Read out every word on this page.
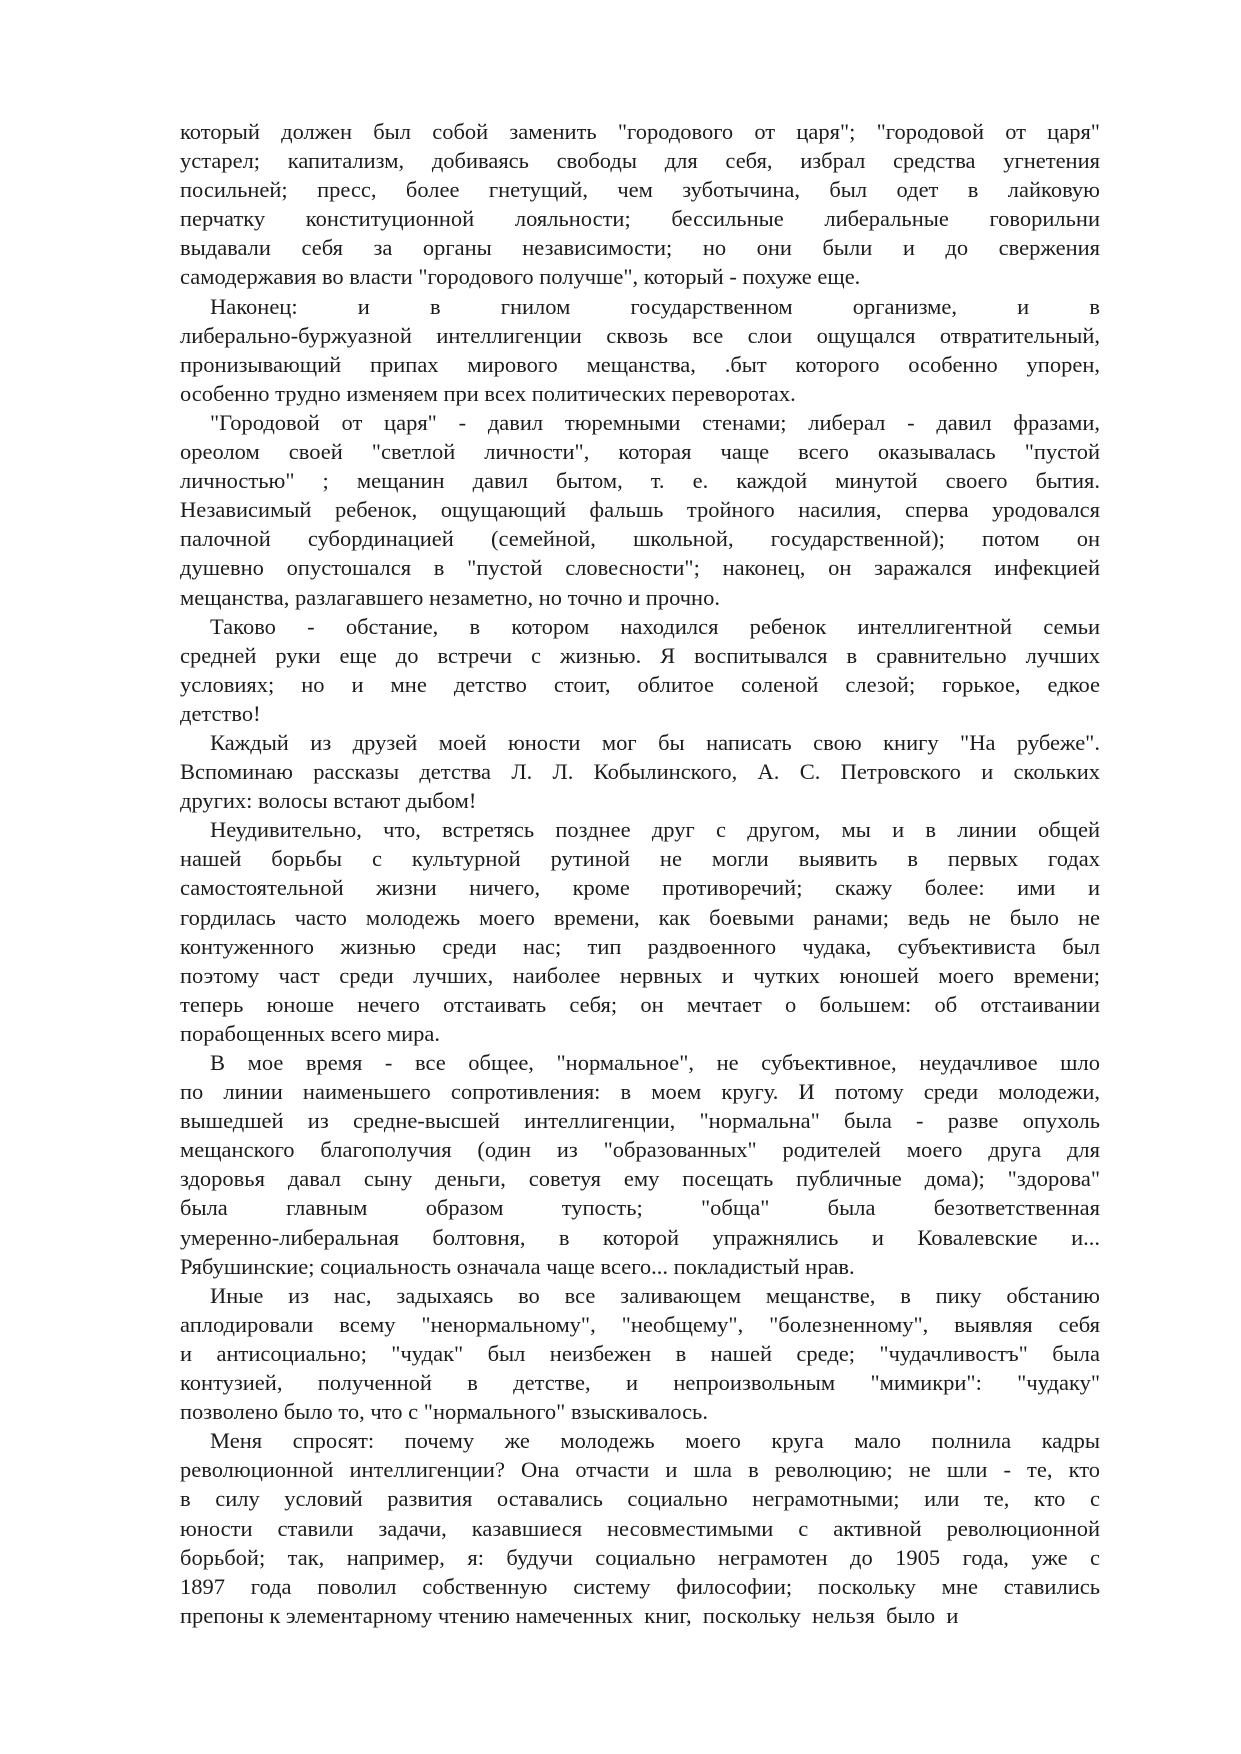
который должен был собой заменить "городового от царя"; "городовой от царя"
устарел; капитализм, добиваясь свободы для себя, избрал средства угнетения
посильней; пресс, более гнетущий, чем зуботычина, был одет в лайковую
перчатку конституционной лояльности; бессильные либеральные говорильни
выдавали себя за органы независимости; но они были и до свержения
самодержавия во власти "городового получше", который - похуже еще.
Наконец: и в гнилом государственном организме, и в
либерально-буржуазной интеллигенции сквозь все слои ощущался отвратительный,
пронизывающий припах мирового мещанства, .быт которого особенно упорен,
особенно трудно изменяем при всех политических переворотах.
"Городовой от царя" - давил тюремными стенами; либерал - давил фразами,
ореолом своей "светлой личности", которая чаще всего оказывалась "пустой
личностью" ; мещанин давил бытом, т. е. каждой минутой своего бытия.
Независимый ребенок, ощущающий фальшь тройного насилия, сперва уродовался
палочной субординацией (семейной, школьной, государственной); потом он
душевно опустошался в "пустой словесности"; наконец, он заражался инфекцией
мещанства, разлагавшего незаметно, но точно и прочно.
Таково - обстание, в котором находился ребенок интеллигентной семьи
средней руки еще до встречи с жизнью. Я воспитывался в сравнительно лучших
условиях; но и мне детство стоит, облитое соленой слезой; горькое, едкое
детство!
Каждый из друзей моей юности мог бы написать свою книгу "На рубеже".
Вспоминаю рассказы детства Л. Л. Кобылинского, А. С. Петровского и скольких
других: волосы встают дыбом!
Неудивительно, что, встретясь позднее друг с другом, мы и в линии общей
нашей борьбы с культурной рутиной не могли выявить в первых годах
самостоятельной жизни ничего, кроме противоречий; скажу более: ими и
гордилась часто молодежь моего времени, как боевыми ранами; ведь не было не
контуженного жизнью среди нас; тип раздвоенного чудака, субъективиста был
поэтому част среди лучших, наиболее нервных и чутких юношей моего времени;
теперь юноше нечего отстаивать себя; он мечтает о большем: об отстаивании
порабощенных всего мира.
В мое время - все общее, "нормальное", не субъективное, неудачливое шло
по линии наименьшего сопротивления: в моем кругу. И потому среди молодежи,
вышедшей из средне-высшей интеллигенции, "нормальна" была - разве опухоль
мещанского благополучия (один из "образованных" родителей моего друга для
здоровья давал сыну деньги, советуя ему посещать публичные дома); "здорова"
была главным образом тупость; "обща" была безответственная
умеренно-либеральная болтовня, в которой упражнялись и Ковалевские и...
Рябушинские; социальность означала чаще всего... покладистый нрав.
Иные из нас, задыхаясь во все заливающем мещанстве, в пику обстанию
аплодировали всему "ненормальному", "необщему", "болезненному", выявляя себя
и антисоциально; "чудак" был неизбежен в нашей среде; "чудачливостъ" была
контузией, полученной в детстве, и непроизвольным "мимикри": "чудаку"
позволено было то, что с "нормального" взыскивалось.
Меня спросят: почему же молодежь моего круга мало полнила кадры
революционной интеллигенции? Она отчасти и шла в революцию; не шли - те, кто
в силу условий развития оставались социально неграмотными; или те, кто с
юности ставили задачи, казавшиеся несовместимыми с активной революционной
борьбой; так, например, я: будучи социально неграмотен до 1905 года, уже с
1897 года поволил собственную систему философии; поскольку мне ставились
препоны к элементарному чтению намеченных  книг,  поскольку  нельзя  было  и
